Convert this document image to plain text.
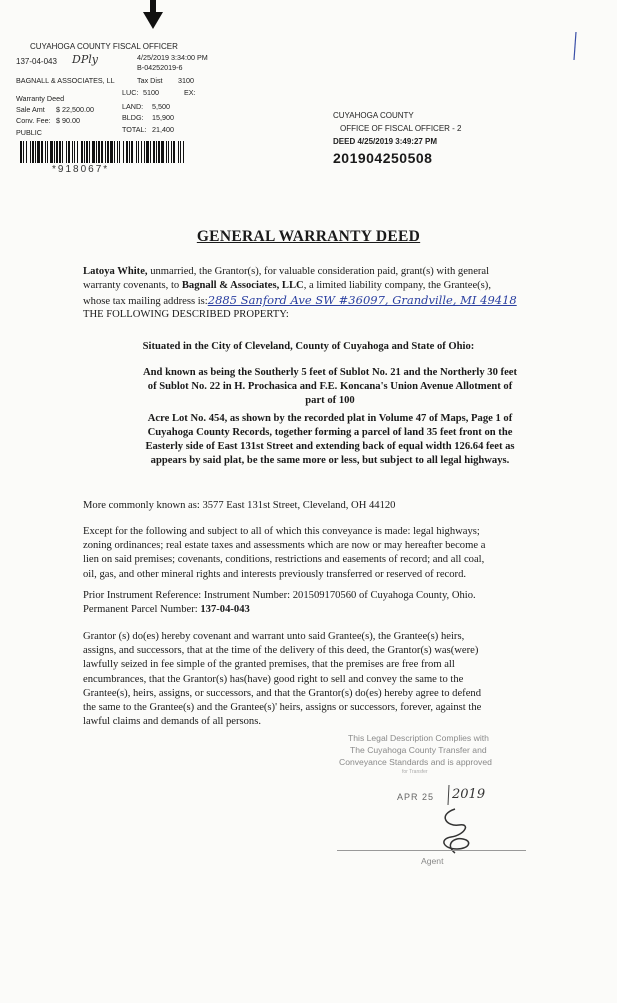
CUYAHOGA COUNTY FISCAL OFFICER
137-04-043 DPly	4/25/2019 3:34:00 PM
B-04252019-6
BAGNALL & ASSOCIATES, LL	Tax Dist 3100
Warranty Deed
LUC: 5100	EX:
Sale Amt $ 22,500.00	LAND: 5,500
Conv. Fee: $ 90.00	BLDG: 15,900
PUBLIC	TOTAL: 21,400
*918067*
CUYAHOGA COUNTY
OFFICE OF FISCAL OFFICER - 2
DEED 4/25/2019 3:49:27 PM
201904250508
GENERAL WARRANTY DEED
Latoya White, unmarried, the Grantor(s), for valuable consideration paid, grant(s) with general
warranty covenants, to Bagnall & Associates, LLC, a limited liability company, the Grantee(s),
whose tax mailing address is:2885 Sanford Ave SW #36097, Grandville, MI 49418
THE FOLLOWING DESCRIBED PROPERTY:
Situated in the City of Cleveland, County of Cuyahoga and State of Ohio:
And known as being the Southerly 5 feet of Sublot No. 21 and the Northerly 30 feet
of Sublot No. 22 in H. Prochasica and F.E. Koncana's Union Avenue Allotment of
part of 100
Acre Lot No. 454, as shown by the recorded plat in Volume 47 of Maps, Page 1 of
Cuyahoga County Records, together forming a parcel of land 35 feet front on the
Easterly side of East 131st Street and extending back of equal width 126.64 feet as
appears by said plat, be the same more or less, but subject to all legal highways.
More commonly known as: 3577 East 131st Street, Cleveland, OH 44120
Except for the following and subject to all of which this conveyance is made: legal highways;
zoning ordinances; real estate taxes and assessments which are now or may hereafter become a
lien on said premises; covenants, conditions, restrictions and easements of record; and all coal,
oil, gas, and other mineral rights and interests previously transferred or reserved of record.
Prior Instrument Reference: Instrument Number: 201509170560 of Cuyahoga County, Ohio.
Permanent Parcel Number: 137-04-043
Grantor (s) do(es) hereby covenant and warrant unto said Grantee(s), the Grantee(s) heirs,
assigns, and successors, that at the time of the delivery of this deed, the Grantor(s) was(were)
lawfully seized in fee simple of the granted premises, that the premises are free from all
encumbrances, that the Grantor(s) has(have) good right to sell and convey the same to the
Grantee(s), heirs, assigns, or successors, and that the Grantor(s) do(es) hereby agree to defend
the same to the Grantee(s) and the Grantee(s)' heirs, assigns or successors, forever, against the
lawful claims and demands of all persons.
This Legal Description Complies with
The Cuyahoga County Transfer and
Conveyance Standards and is approved
for Transfer
APR 25 2019
Agent
